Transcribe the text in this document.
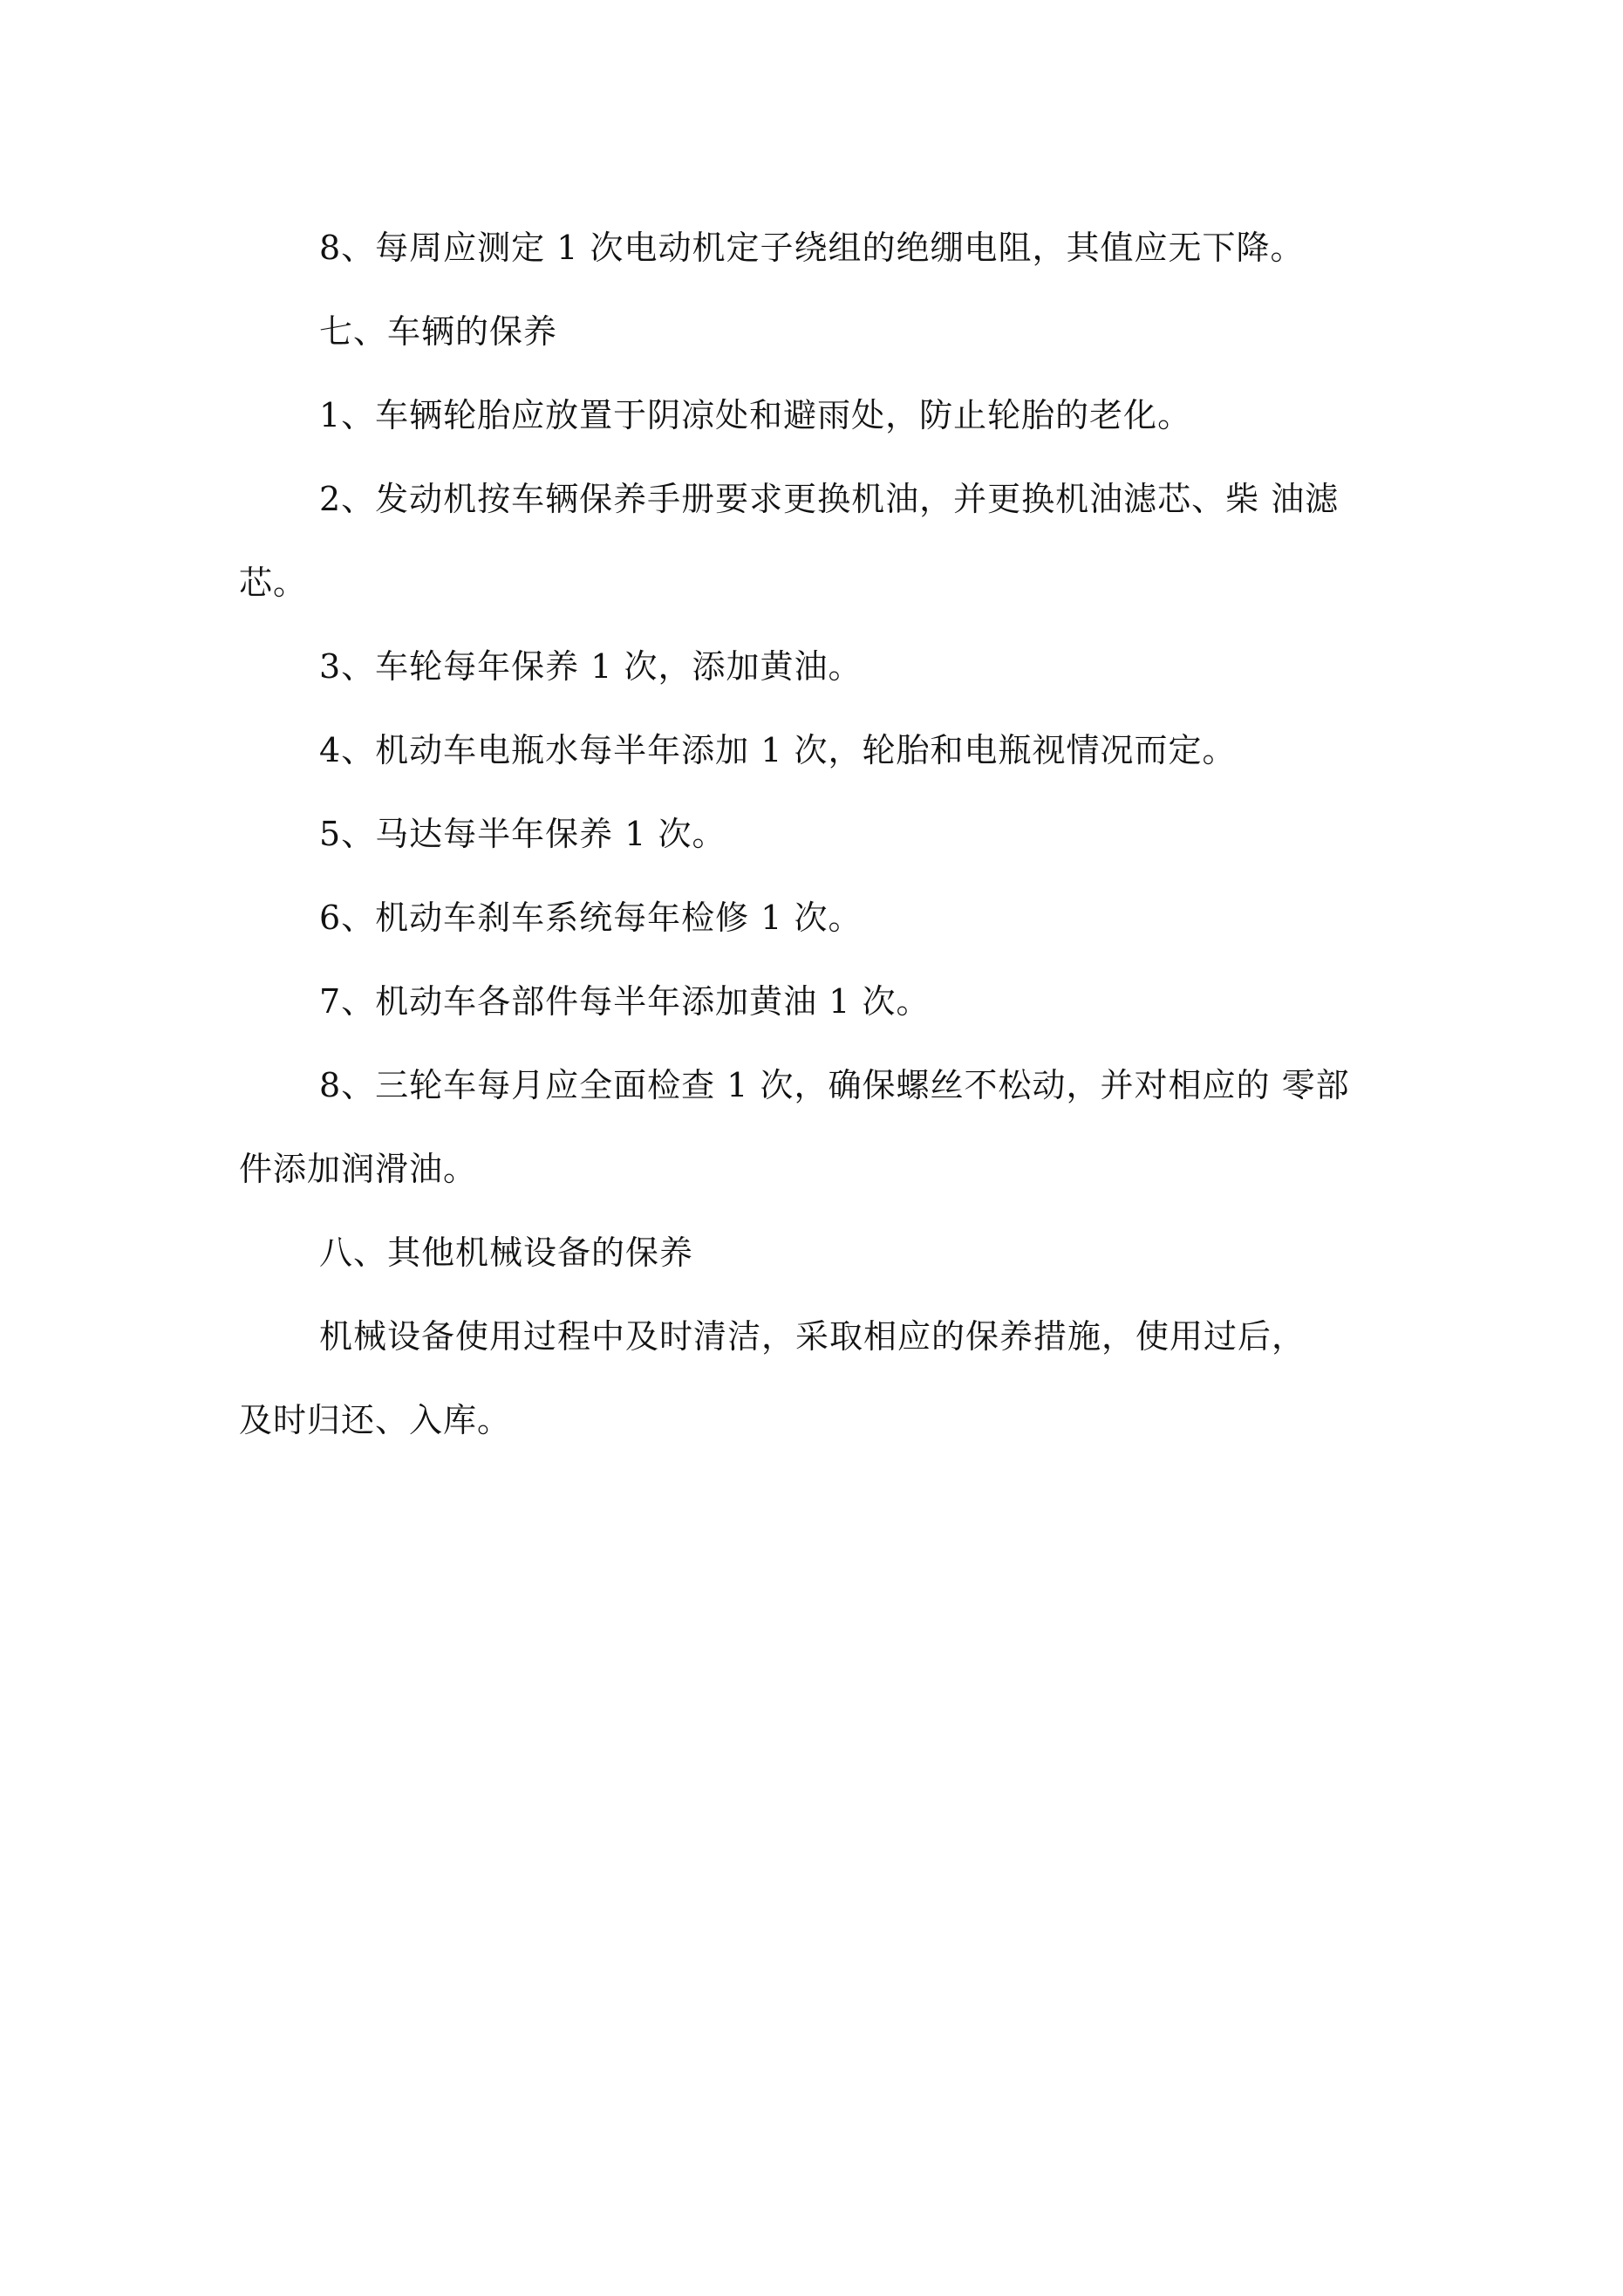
8、每周应测定 1 次电动机定子绕组的绝绷电阻，其值应无下降。

七、车辆的保养

1、车辆轮胎应放置于阴凉处和避雨处，防止轮胎的老化。

2、发动机按车辆保养手册要求更换机油，并更换机油滤芯、柴 油滤

芯。

3、车轮每年保养 1 次，添加黄油。

4、机动车电瓶水每半年添加 1 次，轮胎和电瓶视情况而定。

5、马达每半年保养 1 次。

6、机动车刹车系统每年检修 1 次。

7、机动车各部件每半年添加黄油 1 次。

8、三轮车每月应全面检查 1 次，确保螺丝不松动，并对相应的 零部

件添加润滑油。

八、其他机械设备的保养

机械设备使用过程中及时清洁，采取相应的保养措施，使用过后，

及时归还、入库。
